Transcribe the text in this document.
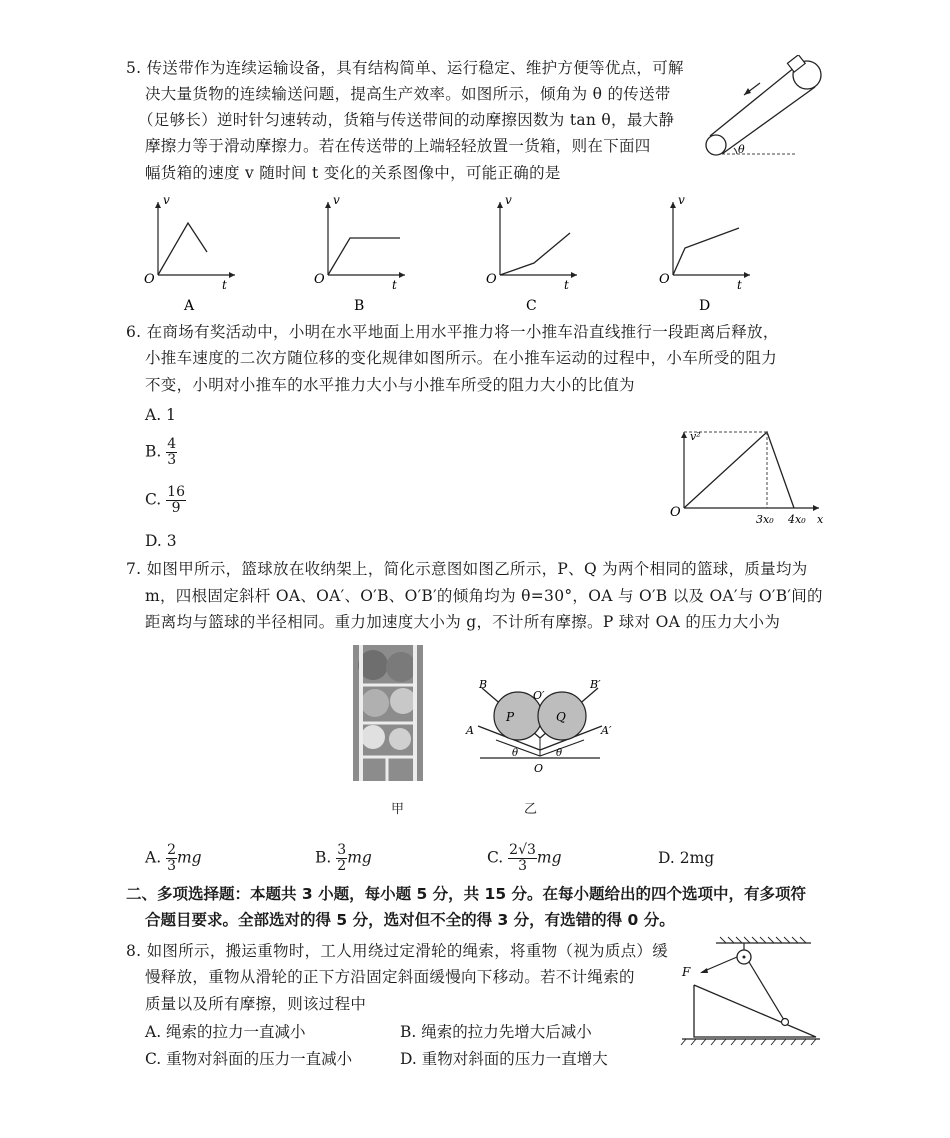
5. 传送带作为连续运输设备，具有结构简单、运行稳定、维护方便等优点，可解
决大量货物的连续输送问题，提高生产效率。如图所示，倾角为 θ 的传送带
（足够长）逆时针匀速转动，货箱与传送带间的动摩擦因数为 tan θ，最大静
摩擦力等于滑动摩擦力。若在传送带的上端轻轻放置一货箱，则在下面四
幅货箱的速度 v 随时间 t 变化的关系图像中，可能正确的是
θ
v
t
O
A
v
t
O
B
v
t
O
C
v
t
O
D
6. 在商场有奖活动中，小明在水平地面上用水平推力将一小推车沿直线推行一段距离后释放，
小推车速度的二次方随位移的变化规律如图所示。在小推车运动的过程中，小车所受的阻力
不变，小明对小推车的水平推力大小与小推车所受的阻力大小的比值为
A. 1
B. $\frac{4}{3}$
C. $\frac{16}{9}$
D. 3
v²
O	3x₀ 4x₀ x
7. 如图甲所示，篮球放在收纳架上，简化示意图如图乙所示，P、Q 为两个相同的篮球，质量均为
m，四根固定斜杆 OA、OA′、O′B、O′B′的倾角均为 θ=30°，OA 与 O′B 以及 OA′与 O′B′间的
距离均与篮球的半径相同。重力加速度大小为 g，不计所有摩擦。P 球对 OA 的压力大小为
甲
B
O′
B′
P	Q
A	A′
θ	θ
O
乙
A. $\frac{2}{3}$ mg	B. $\frac{3}{2}$ mg	C. $\frac{2√3}{3}$ mg	D. 2mg
二、多项选择题：本题共 3 小题，每小题 5 分，共 15 分。在每小题给出的四个选项中，有多项符
合题目要求。全部选对的得 5 分，选对但不全的得 3 分，有选错的得 0 分。
8. 如图所示，搬运重物时，工人用绕过定滑轮的绳索，将重物（视为质点）缓
慢释放，重物从滑轮的正下方沿固定斜面缓慢向下移动。若不计绳索的
质量以及所有摩擦，则该过程中
A. 绳索的拉力一直减小	B. 绳索的拉力先增大后减小
C. 重物对斜面的压力一直减小	D. 重物对斜面的压力一直增大
F
